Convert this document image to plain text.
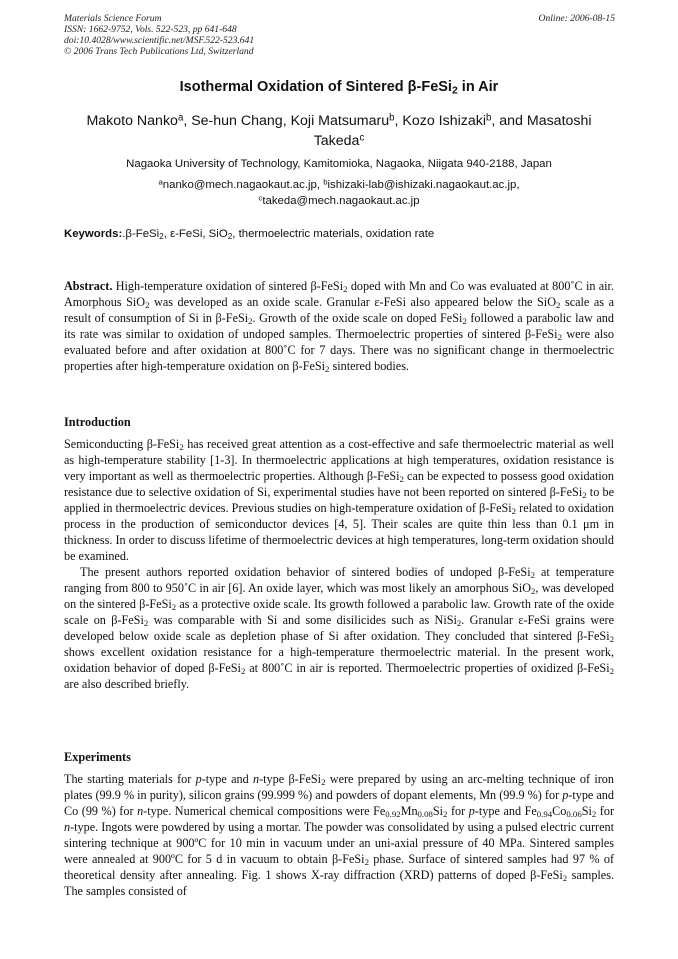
Materials Science Forum
ISSN: 1662-9752, Vols. 522-523, pp 641-648
doi:10.4028/www.scientific.net/MSF.522-523.641
© 2006 Trans Tech Publications Ltd, Switzerland
Online: 2006-08-15
Isothermal Oxidation of Sintered β-FeSi$_2$ in Air
Makoto Nanko$^a$, Se-hun Chang, Koji Matsumaru$^b$, Kozo Ishizaki$^b$, and Masatoshi Takeda$^c$
Nagaoka University of Technology, Kamitomioka, Nagaoka, Niigata 940-2188, Japan
$^a$nanko@mech.nagaokaut.ac.jp, $^b$ishizaki-lab@ishizaki.nagaokaut.ac.jp,
$^c$takeda@mech.nagaokaut.ac.jp
Keywords:.β-FeSi$_2$, ε-FeSi, SiO$_2$, thermoelectric materials, oxidation rate

Abstract. High-temperature oxidation of sintered β-FeSi$_2$ doped with Mn and Co was evaluated at 800˚C in air. Amorphous SiO$_2$ was developed as an oxide scale. Granular ε-FeSi also appeared below the SiO$_2$ scale as a result of consumption of Si in β-FeSi$_2$. Growth of the oxide scale on doped FeSi$_2$ followed a parabolic law and its rate was similar to oxidation of undoped samples. Thermoelectric properties of sintered β-FeSi$_2$ were also evaluated before and after oxidation at 800˚C for 7 days. There was no significant change in thermoelectric properties after high-temperature oxidation on β-FeSi$_2$ sintered bodies.

Introduction

Semiconducting β-FeSi$_2$ has received great attention as a cost-effective and safe thermoelectric material as well as high-temperature stability [1-3]. In thermoelectric applications at high temperatures, oxidation resistance is very important as well as thermoelectric properties. Although β-FeSi$_2$ can be expected to possess good oxidation resistance due to selective oxidation of Si, experimental studies have not been reported on sintered β-FeSi$_2$ to be applied in thermoelectric devices. Previous studies on high-temperature oxidation of β-FeSi$_2$ related to oxidation process in the production of semiconductor devices [4, 5]. Their scales are quite thin less than 0.1 μm in thickness. In order to discuss lifetime of thermoelectric devices at high temperatures, long-term oxidation should be examined.

The present authors reported oxidation behavior of sintered bodies of undoped β-FeSi$_2$ at temperature ranging from 800 to 950˚C in air [6]. An oxide layer, which was most likely an amorphous SiO$_2$, was developed on the sintered β-FeSi$_2$ as a protective oxide scale. Its growth followed a parabolic law. Growth rate of the oxide scale on β-FeSi$_2$ was comparable with Si and some disilicides such as NiSi$_2$. Granular ε-FeSi grains were developed below oxide scale as depletion phase of Si after oxidation. They concluded that sintered β-FeSi$_2$ shows excellent oxidation resistance for a high-temperature thermoelectric material. In the present work, oxidation behavior of doped β-FeSi$_2$ at 800˚C in air is reported. Thermoelectric properties of oxidized β-FeSi$_2$ are also described briefly.

Experiments

The starting materials for p-type and n-type β-FeSi$_2$ were prepared by using an arc-melting technique of iron plates (99.9 % in purity), silicon grains (99.999 %) and powders of dopant elements, Mn (99.9 %) for p-type and Co (99 %) for n-type. Numerical chemical compositions were $Fe_{0.92}Mn_{0.08}Si_2$ for p-type and $Fe_{0.94}Co_{0.06}Si_2$ for n-type. Ingots were powdered by using a mortar. The powder was consolidated by using a pulsed electric current sintering technique at 900ºC for 10 min in vacuum under an uni-axial pressure of 40 MPa. Sintered samples were annealed at 900ºC for 5 d in vacuum to obtain β-FeSi$_2$ phase. Surface of sintered samples had 97 % of theoretical density after annealing. Fig. 1 shows X-ray diffraction (XRD) patterns of doped β-FeSi$_2$ samples. The samples consisted of
